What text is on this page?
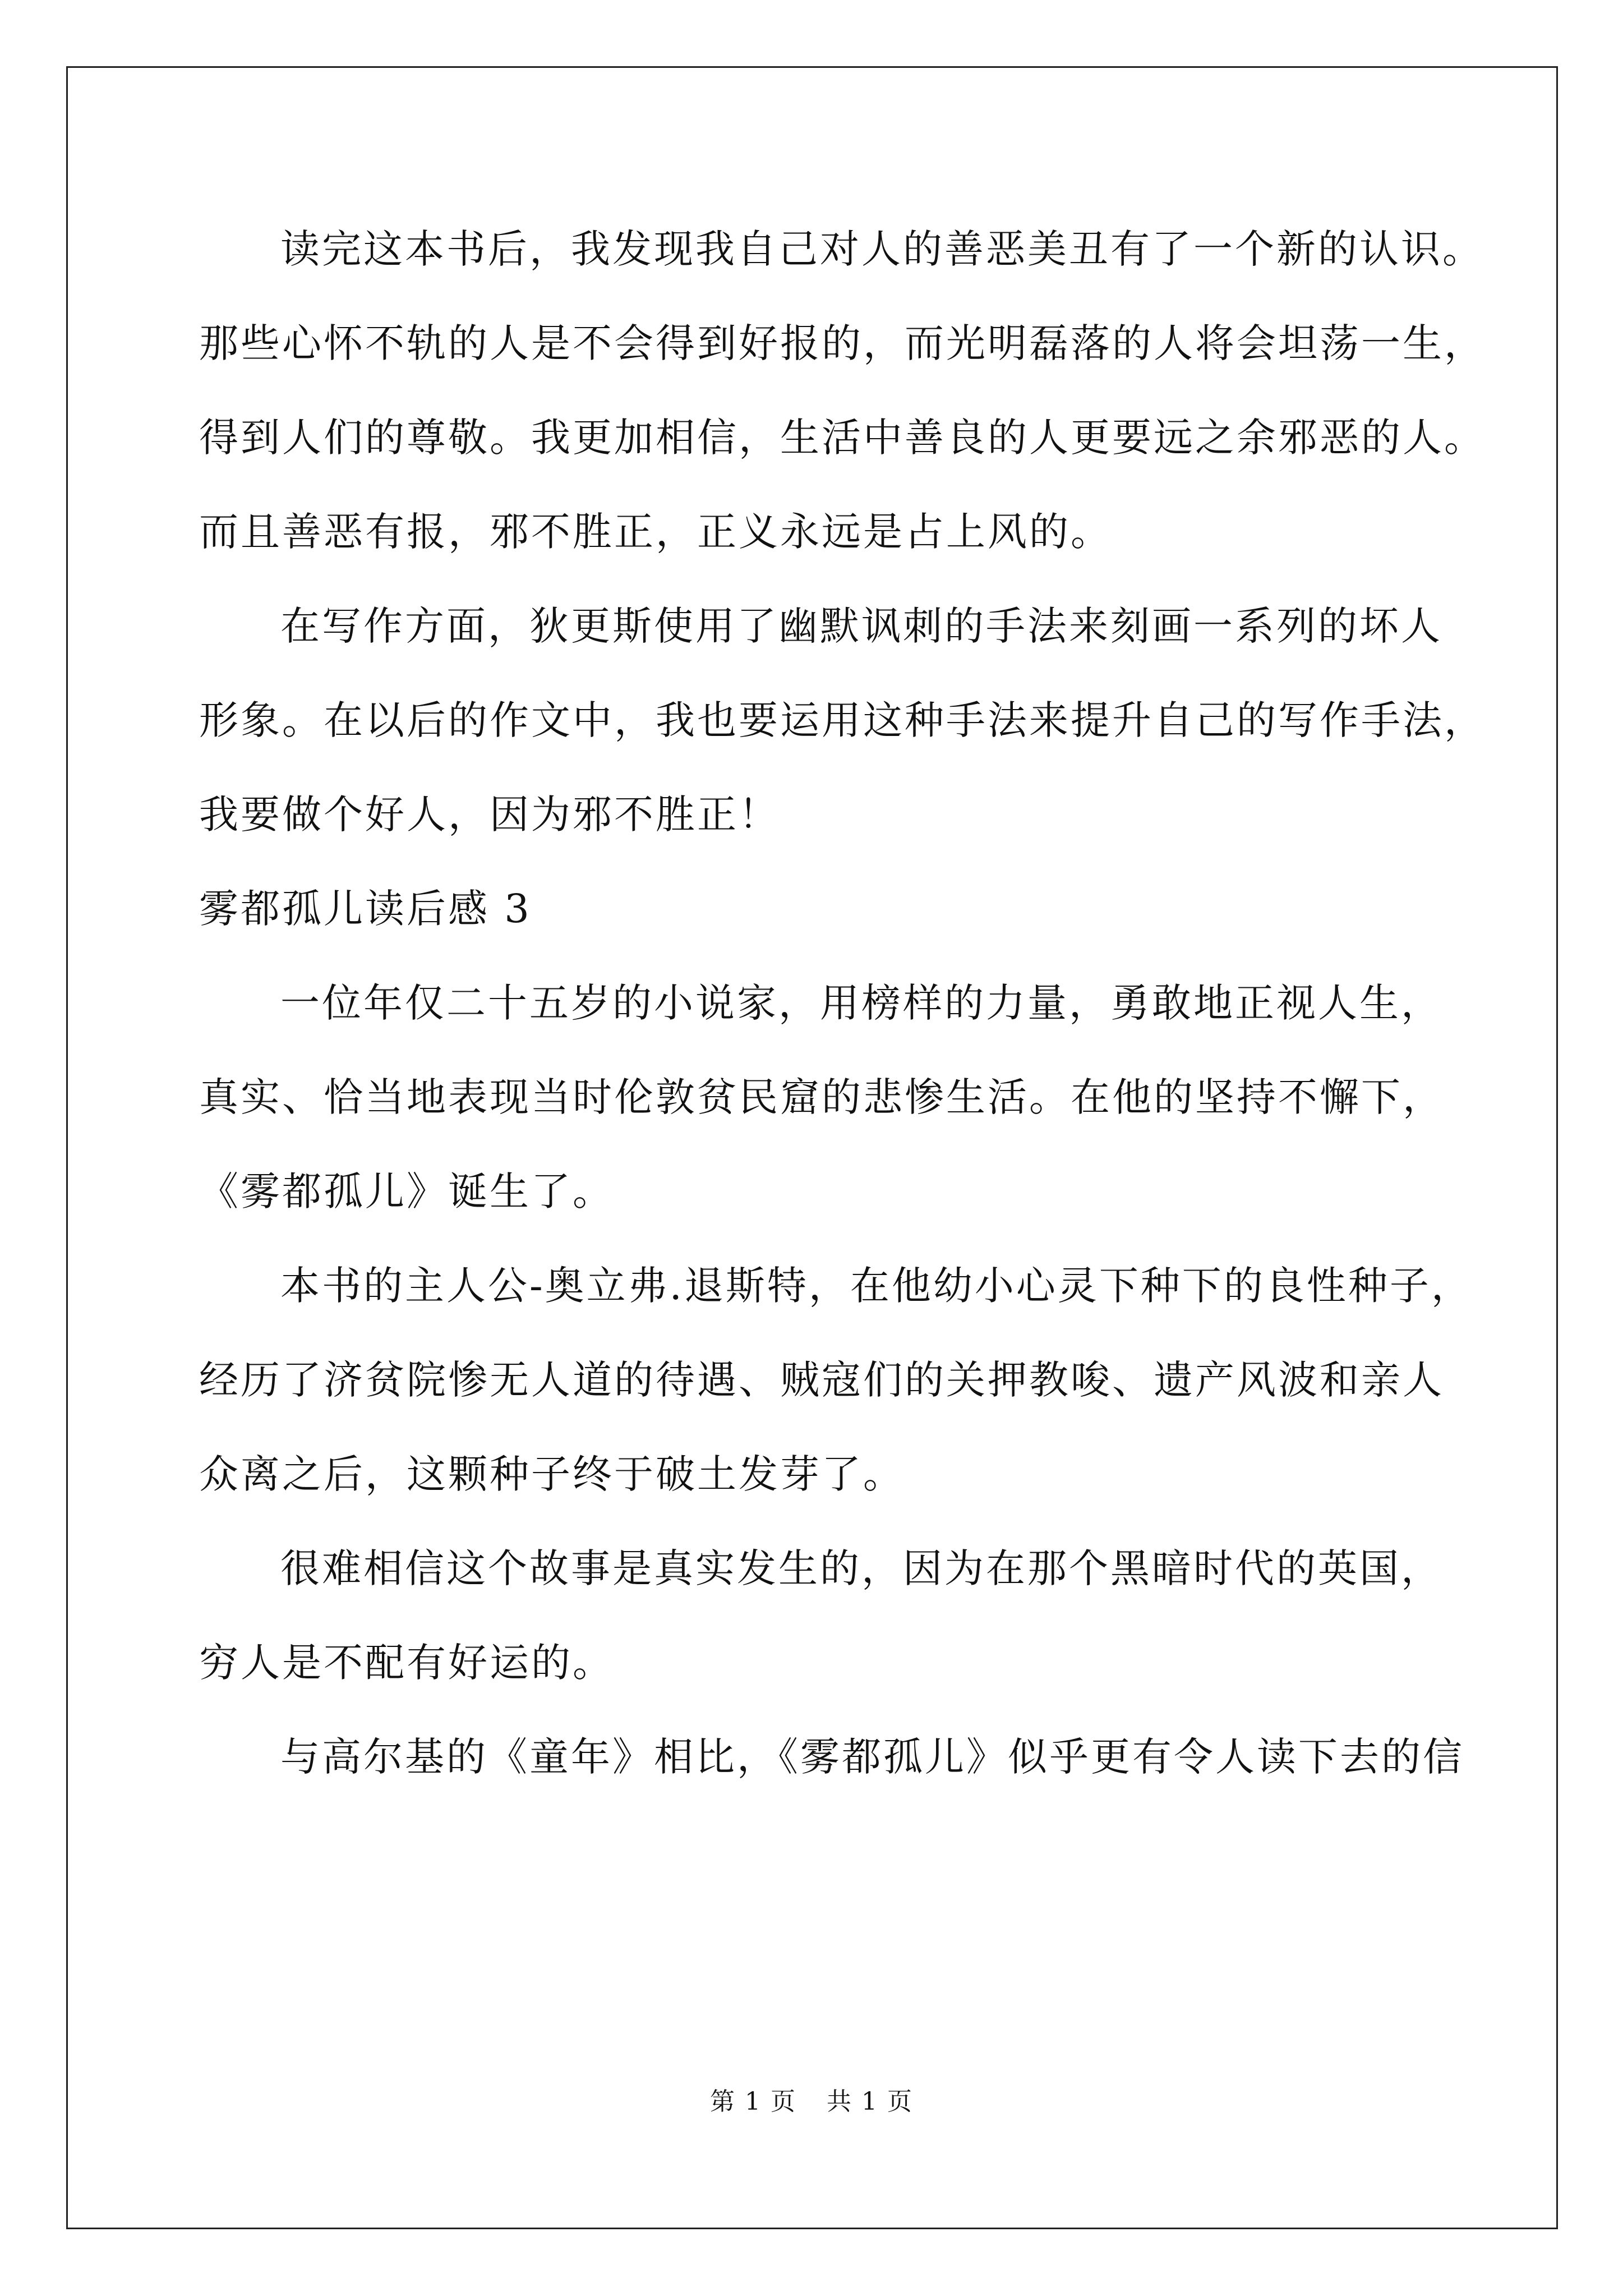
读完这本书后，我发现我自己对人的善恶美丑有了一个新的认识。
那些心怀不轨的人是不会得到好报的，而光明磊落的人将会坦荡一生，
得到人们的尊敬。我更加相信，生活中善良的人更要远之余邪恶的人。
而且善恶有报，邪不胜正，正义永远是占上风的。
在写作方面，狄更斯使用了幽默讽刺的手法来刻画一系列的坏人
形象。在以后的作文中，我也要运用这种手法来提升自己的写作手法，
我要做个好人，因为邪不胜正！
雾都孤儿读后感 3
一位年仅二十五岁的小说家，用榜样的力量，勇敢地正视人生，
真实、恰当地表现当时伦敦贫民窟的悲惨生活。在他的坚持不懈下，
《雾都孤儿》诞生了。
本书的主人公-奥立弗.退斯特，在他幼小心灵下种下的良性种子，
经历了济贫院惨无人道的待遇、贼寇们的关押教唆、遗产风波和亲人
众离之后，这颗种子终于破土发芽了。
很难相信这个故事是真实发生的，因为在那个黑暗时代的英国，
穷人是不配有好运的。
与高尔基的《童年》相比，《雾都孤儿》似乎更有令人读下去的信
第 1 页 共 1 页
